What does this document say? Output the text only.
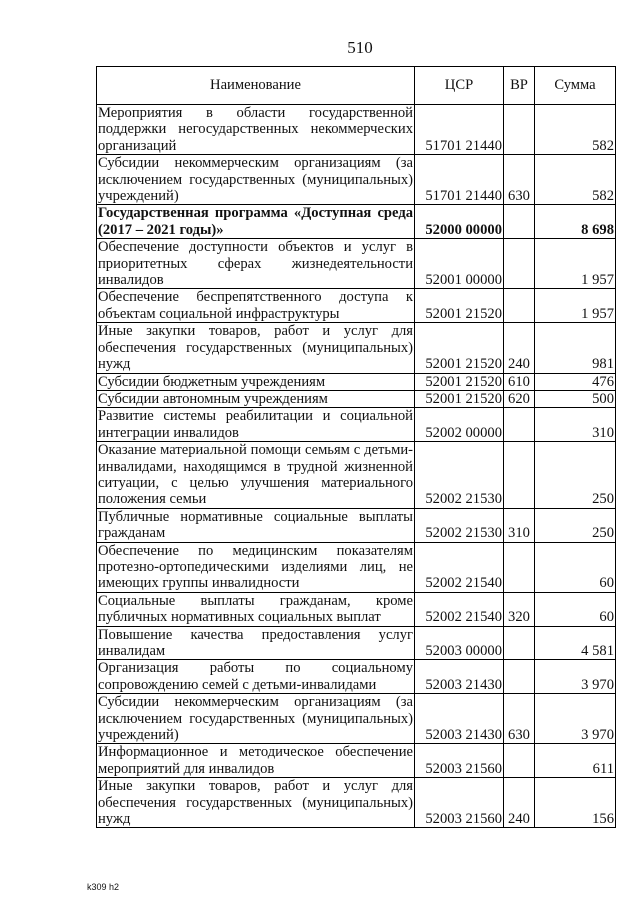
510
Наименование	ЦСР	ВР	Сумма
Мероприятия в области государственной поддержки негосударственных некоммерческих организаций	51701 21440		582
Субсидии некоммерческим организациям (за исключением государственных (муниципальных) учреждений)	51701 21440	630	582
Государственная программа «Доступная среда (2017 – 2021 годы)»	52000 00000		8 698
Обеспечение доступности объектов и услуг в приоритетных сферах жизнедеятельности инвалидов	52001 00000		1 957
Обеспечение беспрепятственного доступа к объектам социальной инфраструктуры	52001 21520		1 957
Иные закупки товаров, работ и услуг для обеспечения государственных (муниципальных) нужд	52001 21520	240	981
Субсидии бюджетным учреждениям	52001 21520	610	476
Субсидии автономным учреждениям	52001 21520	620	500
Развитие системы реабилитации и социальной интеграции инвалидов	52002 00000		310
Оказание материальной помощи семьям с детьми-инвалидами, находящимся в трудной жизненной ситуации, с целью улучшения материального положения семьи	52002 21530		250
Публичные нормативные социальные выплаты гражданам	52002 21530	310	250
Обеспечение по медицинским показателям протезно-ортопедическими изделиями лиц, не имеющих группы инвалидности	52002 21540		60
Социальные выплаты гражданам, кроме публичных нормативных социальных выплат	52002 21540	320	60
Повышение качества предоставления услуг инвалидам	52003 00000		4 581
Организация работы по социальному сопровождению семей с детьми-инвалидами	52003 21430		3 970
Субсидии некоммерческим организациям (за исключением государственных (муниципальных) учреждений)	52003 21430	630	3 970
Информационное и методическое обеспечение мероприятий для инвалидов	52003 21560		611
Иные закупки товаров, работ и услуг для обеспечения государственных (муниципальных) нужд	52003 21560	240	156
k309 h2
